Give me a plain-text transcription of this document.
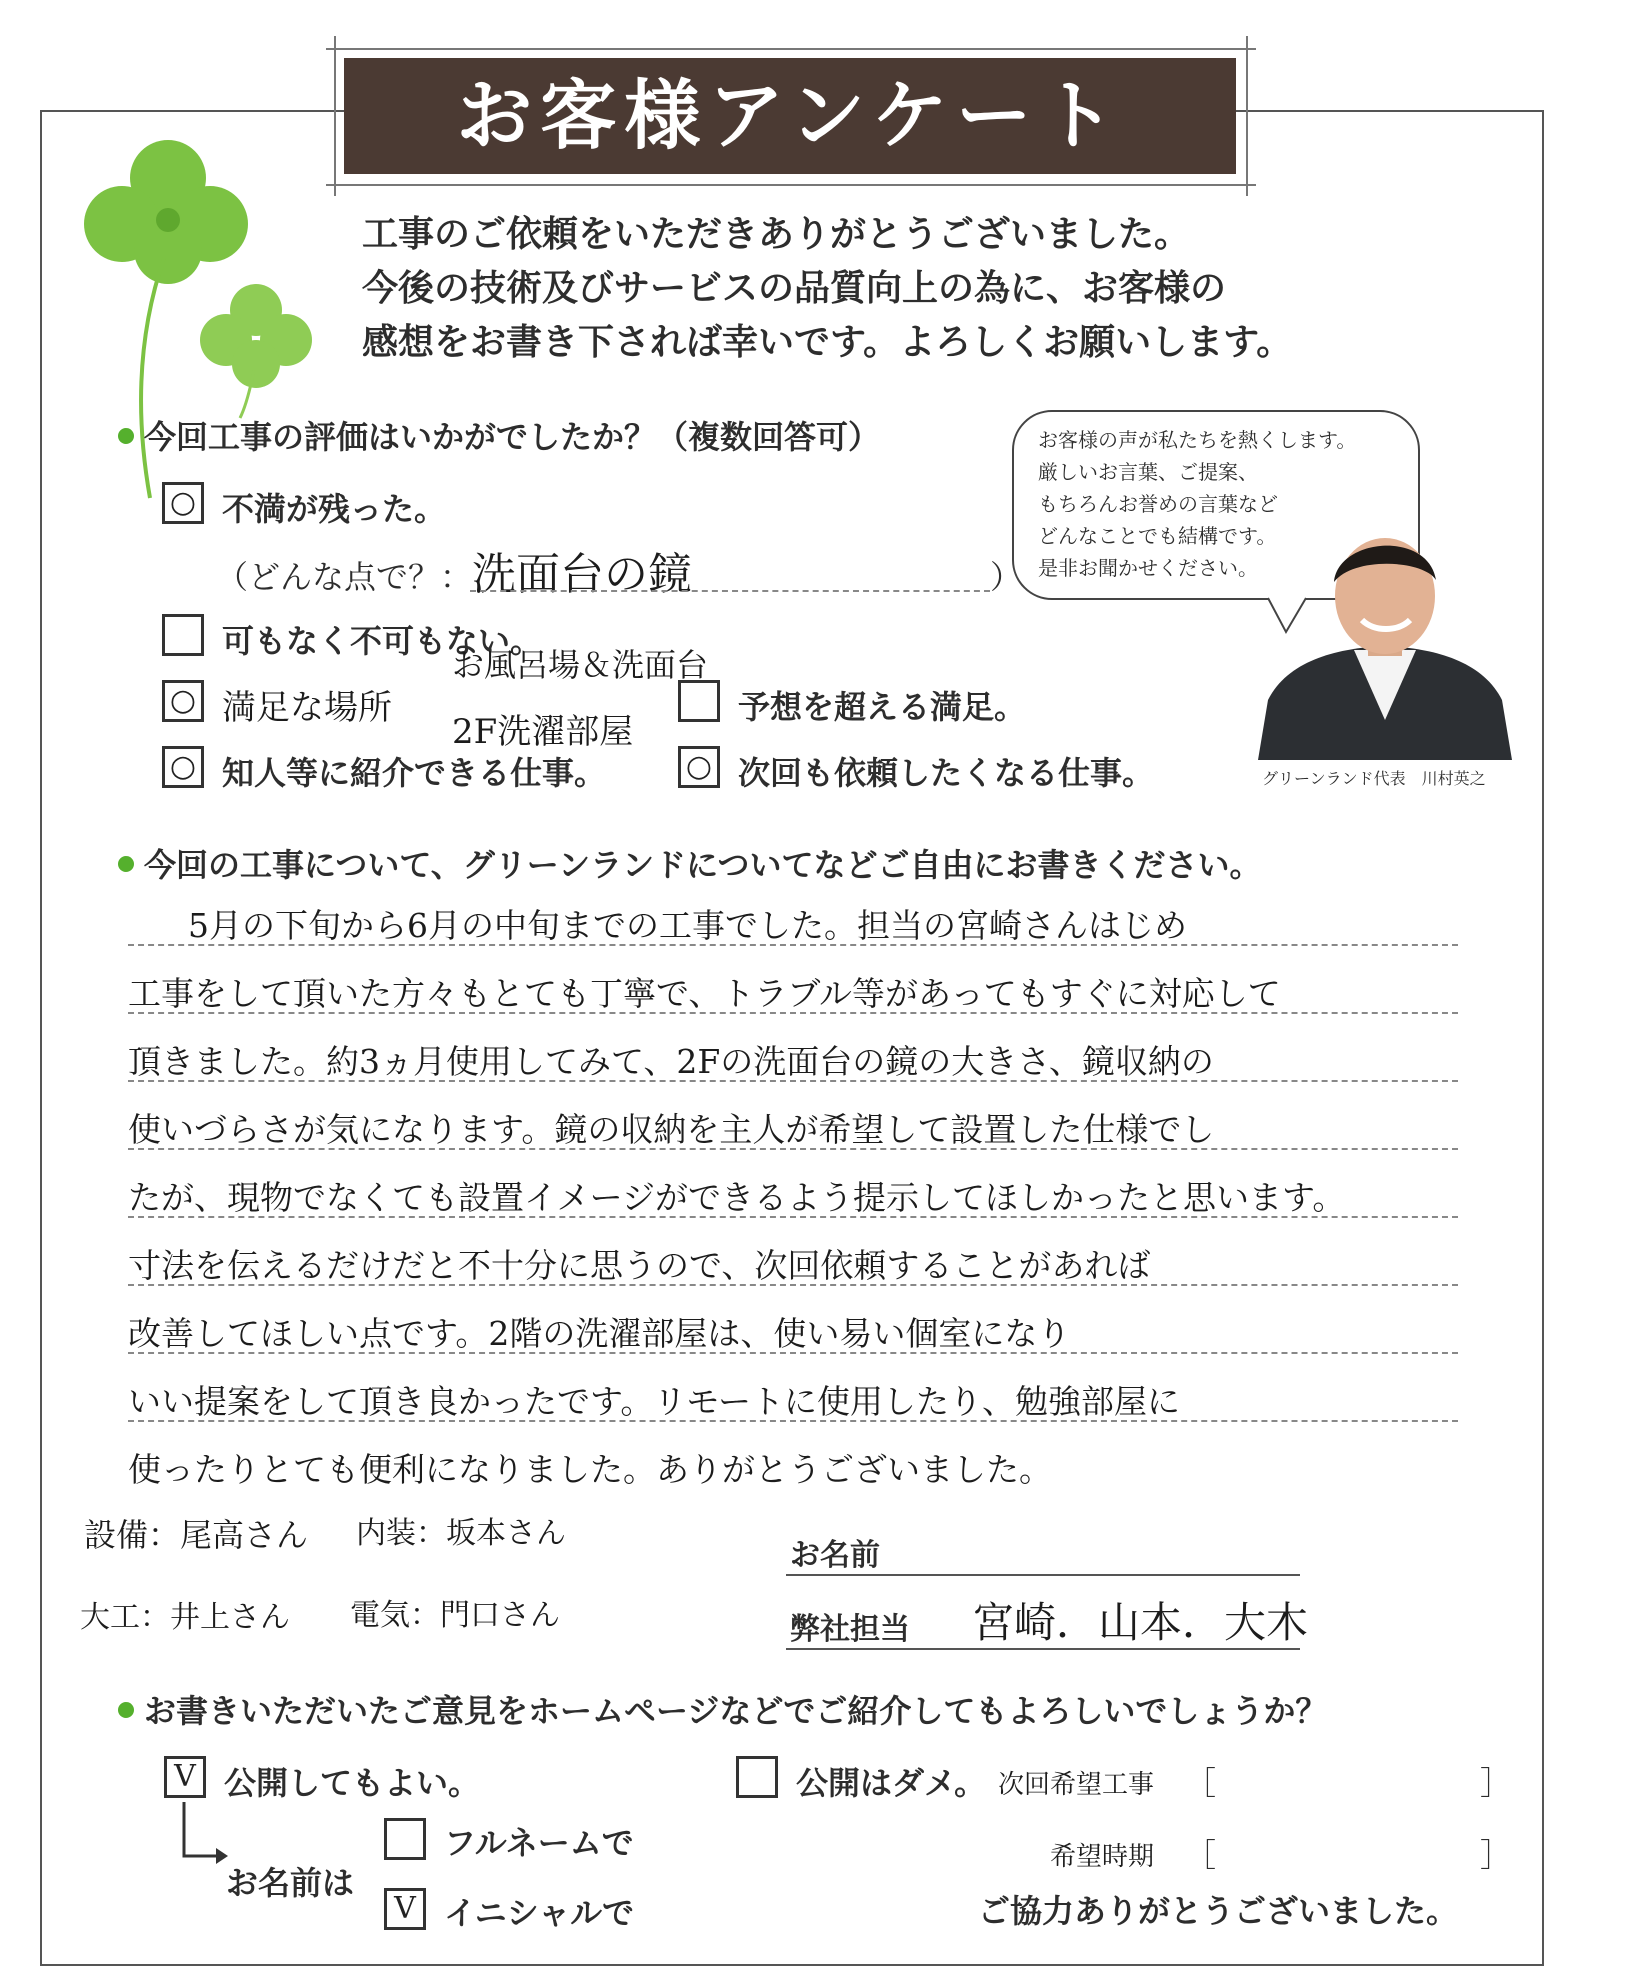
お客様アンケート
工事のご依頼をいただきありがとうございました。
今後の技術及びサービスの品質向上の為に、お客様の
感想をお書き下されば幸いです。よろしくお願いします。
今回工事の評価はいかがでしたか？（複数回答可）
○ 不満が残った。
（どんな点で？： 洗面台の鏡	）
可もなく不可もない。
お風呂場＆洗面台
○ 満足な場所
2F洗濯部屋
予想を超える満足。
○ 知人等に紹介できる仕事。	○ 次回も依頼したくなる仕事。
お客様の声が私たちを熱くします。
厳しいお言葉、ご提案、
もちろんお誉めの言葉など
どんなことでも結構です。
是非お聞かせください。
グリーンランド代表　川村英之
今回の工事について、グリーンランドについてなどご自由にお書きください。
5月の下旬から6月の中旬までの工事でした。担当の宮崎さんはじめ
工事をして頂いた方々もとても丁寧で、トラブル等があってもすぐに対応して
頂きました。約3ヵ月使用してみて、2Fの洗面台の鏡の大きさ、鏡収納の
使いづらさが気になります。鏡の収納を主人が希望して設置した仕様でし
たが、現物でなくても設置イメージができるよう提示してほしかったと思います。
寸法を伝えるだけだと不十分に思うので、次回依頼することがあれば
改善してほしい点です。2階の洗濯部屋は、使い易い個室になり
いい提案をして頂き良かったです。リモートに使用したり、勉強部屋に
使ったりとても便利になりました。ありがとうございました。
設備：尾高さん 内装：坂本さん
大工：井上さん 電気：門口さん
お名前
弊社担当 宮崎．山本．大木
お書きいただいたご意見をホームページなどでご紹介してもよろしいでしょうか？
V 公開してもよい。	公開はダメ。 次回希望工事 ［	］
お名前は
フルネームで
V イニシャルで
希望時期 ［	］
ご協力ありがとうございました。
